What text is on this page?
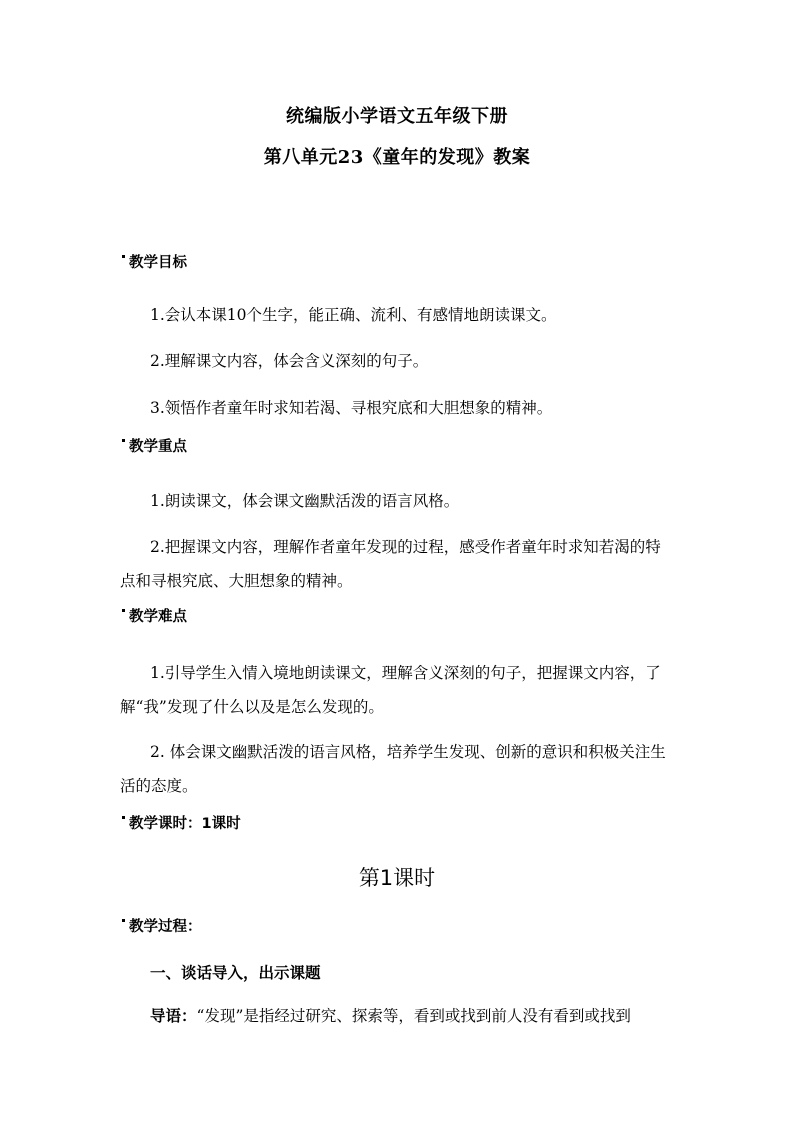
统编版小学语文五年级下册
第八单元23《童年的发现》教案
教学目标
1.会认本课10个生字，能正确、流利、有感情地朗读课文。
2.理解课文内容，体会含义深刻的句子。
3.领悟作者童年时求知若渴、寻根究底和大胆想象的精神。
教学重点
1.朗读课文，体会课文幽默活泼的语言风格。
2.把握课文内容，理解作者童年发现的过程，感受作者童年时求知若渴的特点和寻根究底、大胆想象的精神。
教学难点
1.引导学生入情入境地朗读课文，理解含义深刻的句子，把握课文内容，了解“我”发现了什么以及是怎么发现的。
2. 体会课文幽默活泼的语言风格，培养学生发现、创新的意识和积极关注生活的态度。
教学课时：1课时
第1课时
教学过程：
一、谈话导入，出示课题
导语：“发现”是指经过研究、探索等，看到或找到前人没有看到或找到
